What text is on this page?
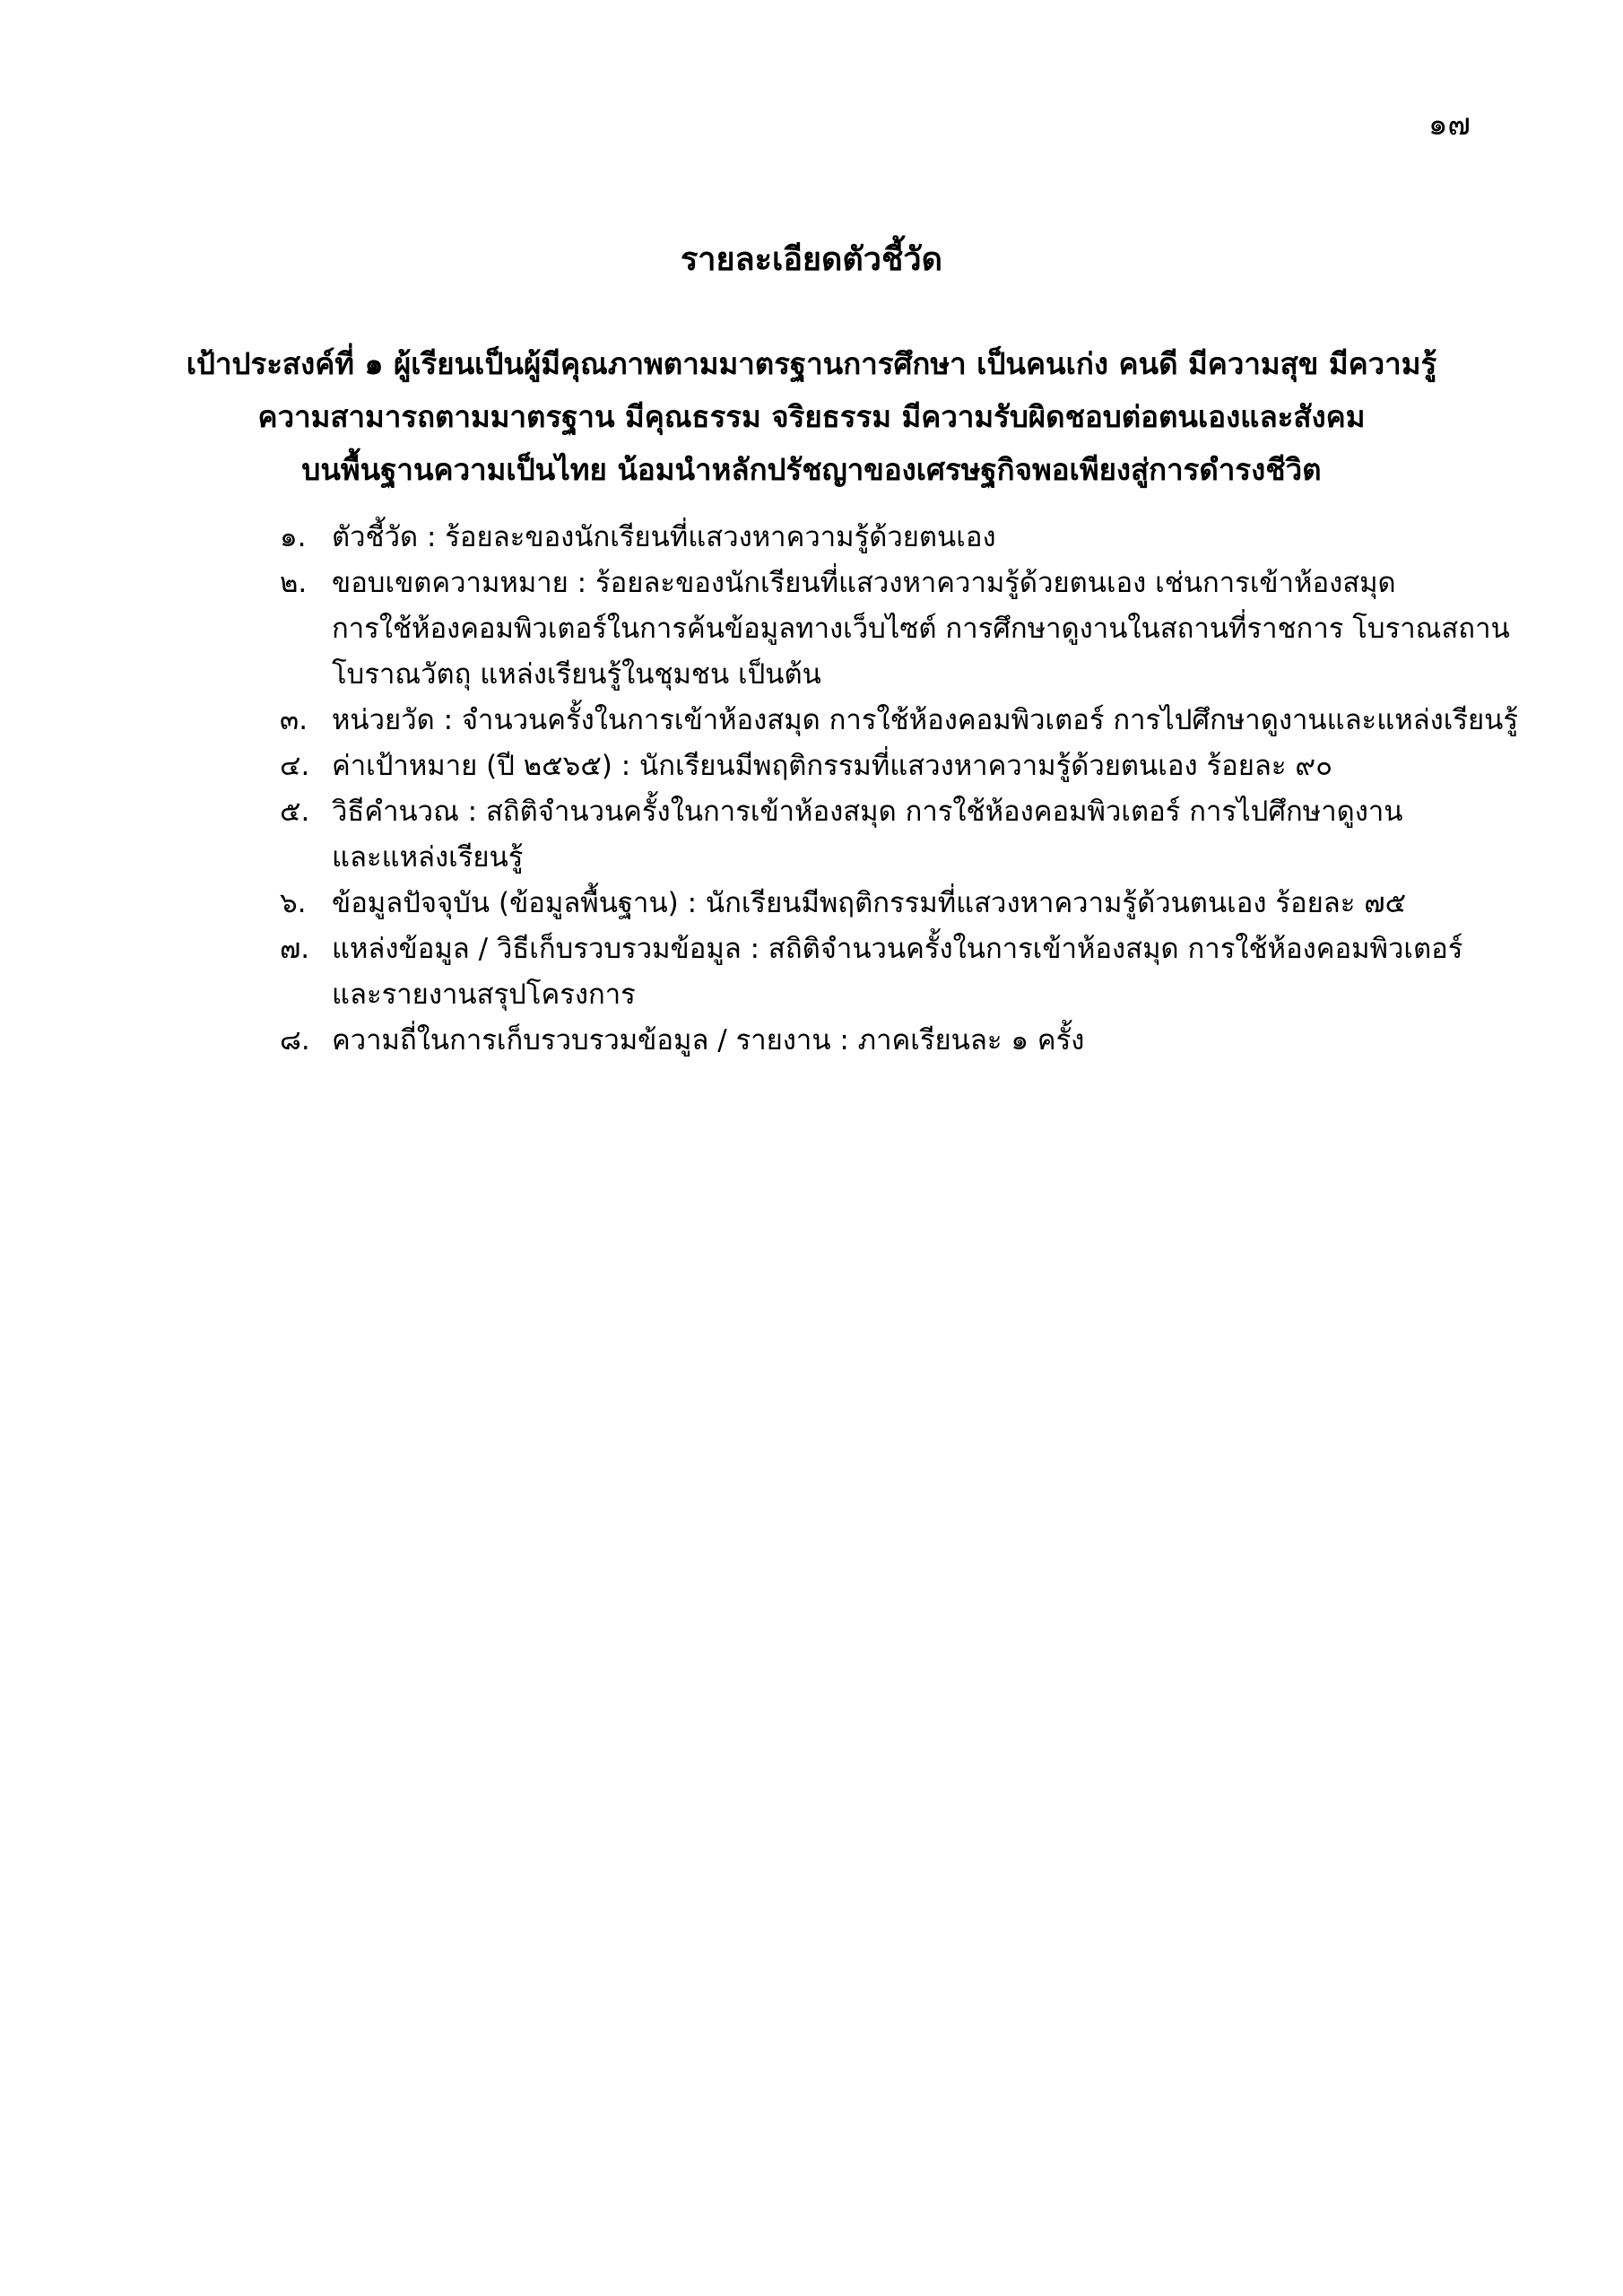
๑๗
รายละเอียดตัวชี้วัด
เป้าประสงค์ที่ ๑ ผู้เรียนเป็นผู้มีคุณภาพตามมาตรฐานการศึกษา เป็นคนเก่ง คนดี มีความสุข มีความรู้
ความสามารถตามมาตรฐาน มีคุณธรรม จริยธรรม มีความรับผิดชอบต่อตนเองและสังคม
บนพื้นฐานความเป็นไทย น้อมนำหลักปรัชญาของเศรษฐกิจพอเพียงสู่การดำรงชีวิต
๑. ตัวชี้วัด : ร้อยละของนักเรียนที่แสวงหาความรู้ด้วยตนเอง
๒. ขอบเขตความหมาย : ร้อยละของนักเรียนที่แสวงหาความรู้ด้วยตนเอง เช่นการเข้าห้องสมุด
การใช้ห้องคอมพิวเตอร์ในการค้นข้อมูลทางเว็บไซต์ การศึกษาดูงานในสถานที่ราชการ โบราณสถาน
โบราณวัตถุ แหล่งเรียนรู้ในชุมชน เป็นต้น
๓. หน่วยวัด : จำนวนครั้งในการเข้าห้องสมุด การใช้ห้องคอมพิวเตอร์ การไปศึกษาดูงานและแหล่งเรียนรู้
๔. ค่าเป้าหมาย (ปี ๒๕๖๕) : นักเรียนมีพฤติกรรมที่แสวงหาความรู้ด้วยตนเอง ร้อยละ ๙๐
๕. วิธีคำนวณ : สถิติจำนวนครั้งในการเข้าห้องสมุด การใช้ห้องคอมพิวเตอร์ การไปศึกษาดูงาน
และแหล่งเรียนรู้
๖. ข้อมูลปัจจุบัน (ข้อมูลพื้นฐาน) : นักเรียนมีพฤติกรรมที่แสวงหาความรู้ด้วนตนเอง ร้อยละ ๗๕
๗. แหล่งข้อมูล / วิธีเก็บรวบรวมข้อมูล : สถิติจำนวนครั้งในการเข้าห้องสมุด การใช้ห้องคอมพิวเตอร์
และรายงานสรุปโครงการ
๘. ความถี่ในการเก็บรวบรวมข้อมูล / รายงาน : ภาคเรียนละ ๑ ครั้ง
